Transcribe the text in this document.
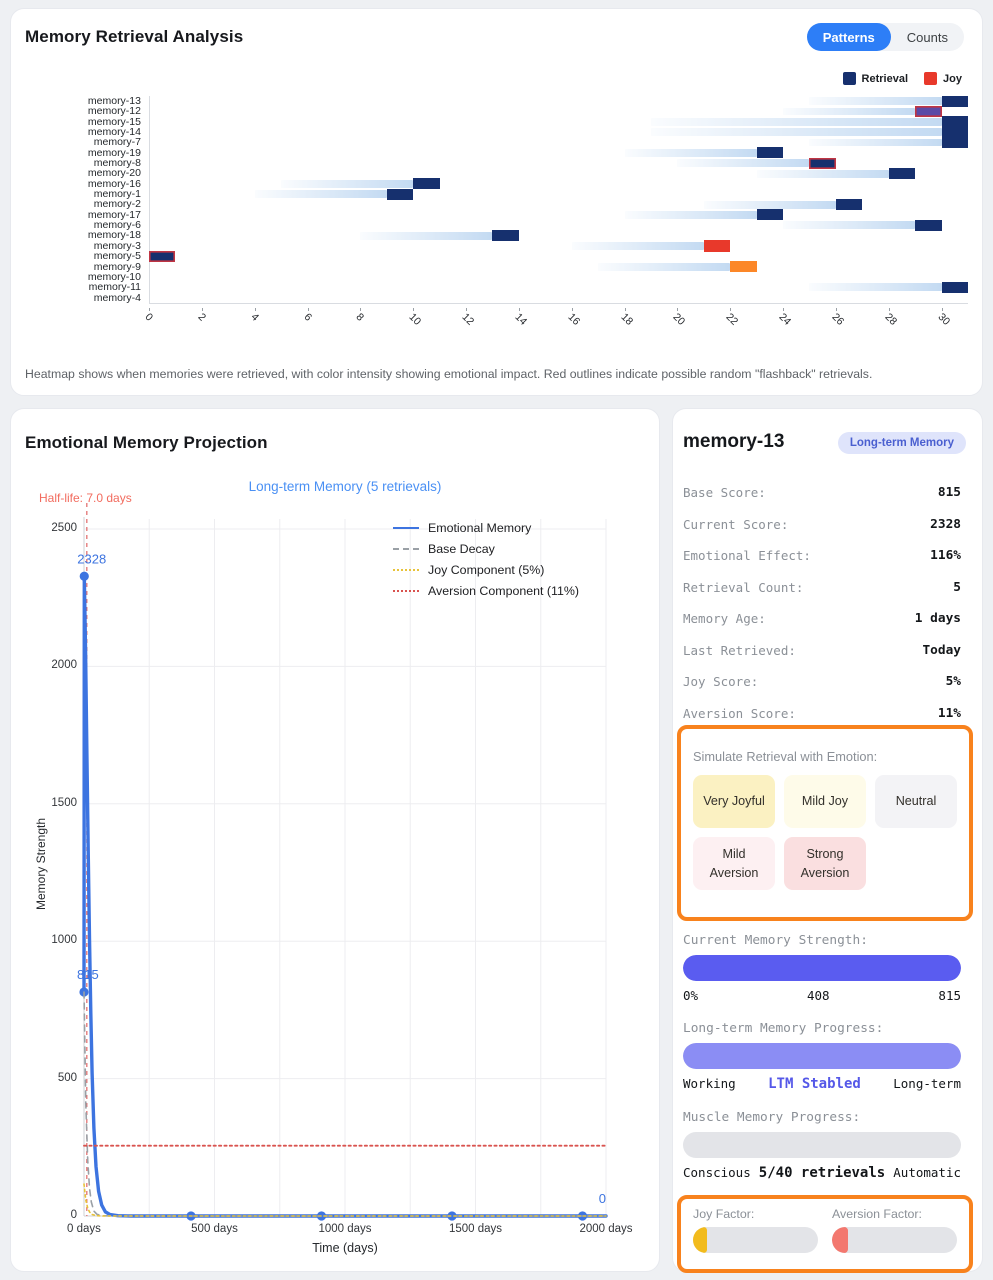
Memory Retrieval Analysis	Patterns	Counts
Retrieval	Joy
memory-13
memory-12
memory-15
memory-14
memory-7
memory-19
memory-8
memory-20
memory-16
memory-1
memory-2
memory-17
memory-6
memory-18
memory-3
memory-5
memory-9
memory-10
memory-11
memory-4
0	2	4	6	8	10	12	14	16	18	20	22	24	26	28	30

Heatmap shows when memories were retrieved, with color intensity showing emotional impact. Red outlines indicate possible random "flashback" retrievals.

Emotional Memory Projection
Half-life: 7.0 days
Long-term Memory (5 retrievals)
Memory Strength
2328
815
0
0
500
1000
1500
2000
2500
0 days	500 days	1000 days	1500 days	2000 days
Time (days)
Emotional Memory
Base Decay
Joy Component (5%)
Aversion Component (11%)
memory-13	Long-term Memory
Base Score:	815
Current Score:	2328
Emotional Effect:	116%
Retrieval Count:	5
Memory Age:	1 days
Last Retrieved:	Today
Joy Score:	5%
Aversion Score:	11%
Simulate Retrieval with Emotion:
Very Joyful	Mild Joy	Neutral
Mild Aversion
Strong Aversion
Current Memory Strength:
0%	408	815
Long-term Memory Progress:
Working LTM Stabled	Long-term
Muscle Memory Progress:
Conscious 5/40 retrievals Automatic
Joy Factor:	Aversion Factor:
